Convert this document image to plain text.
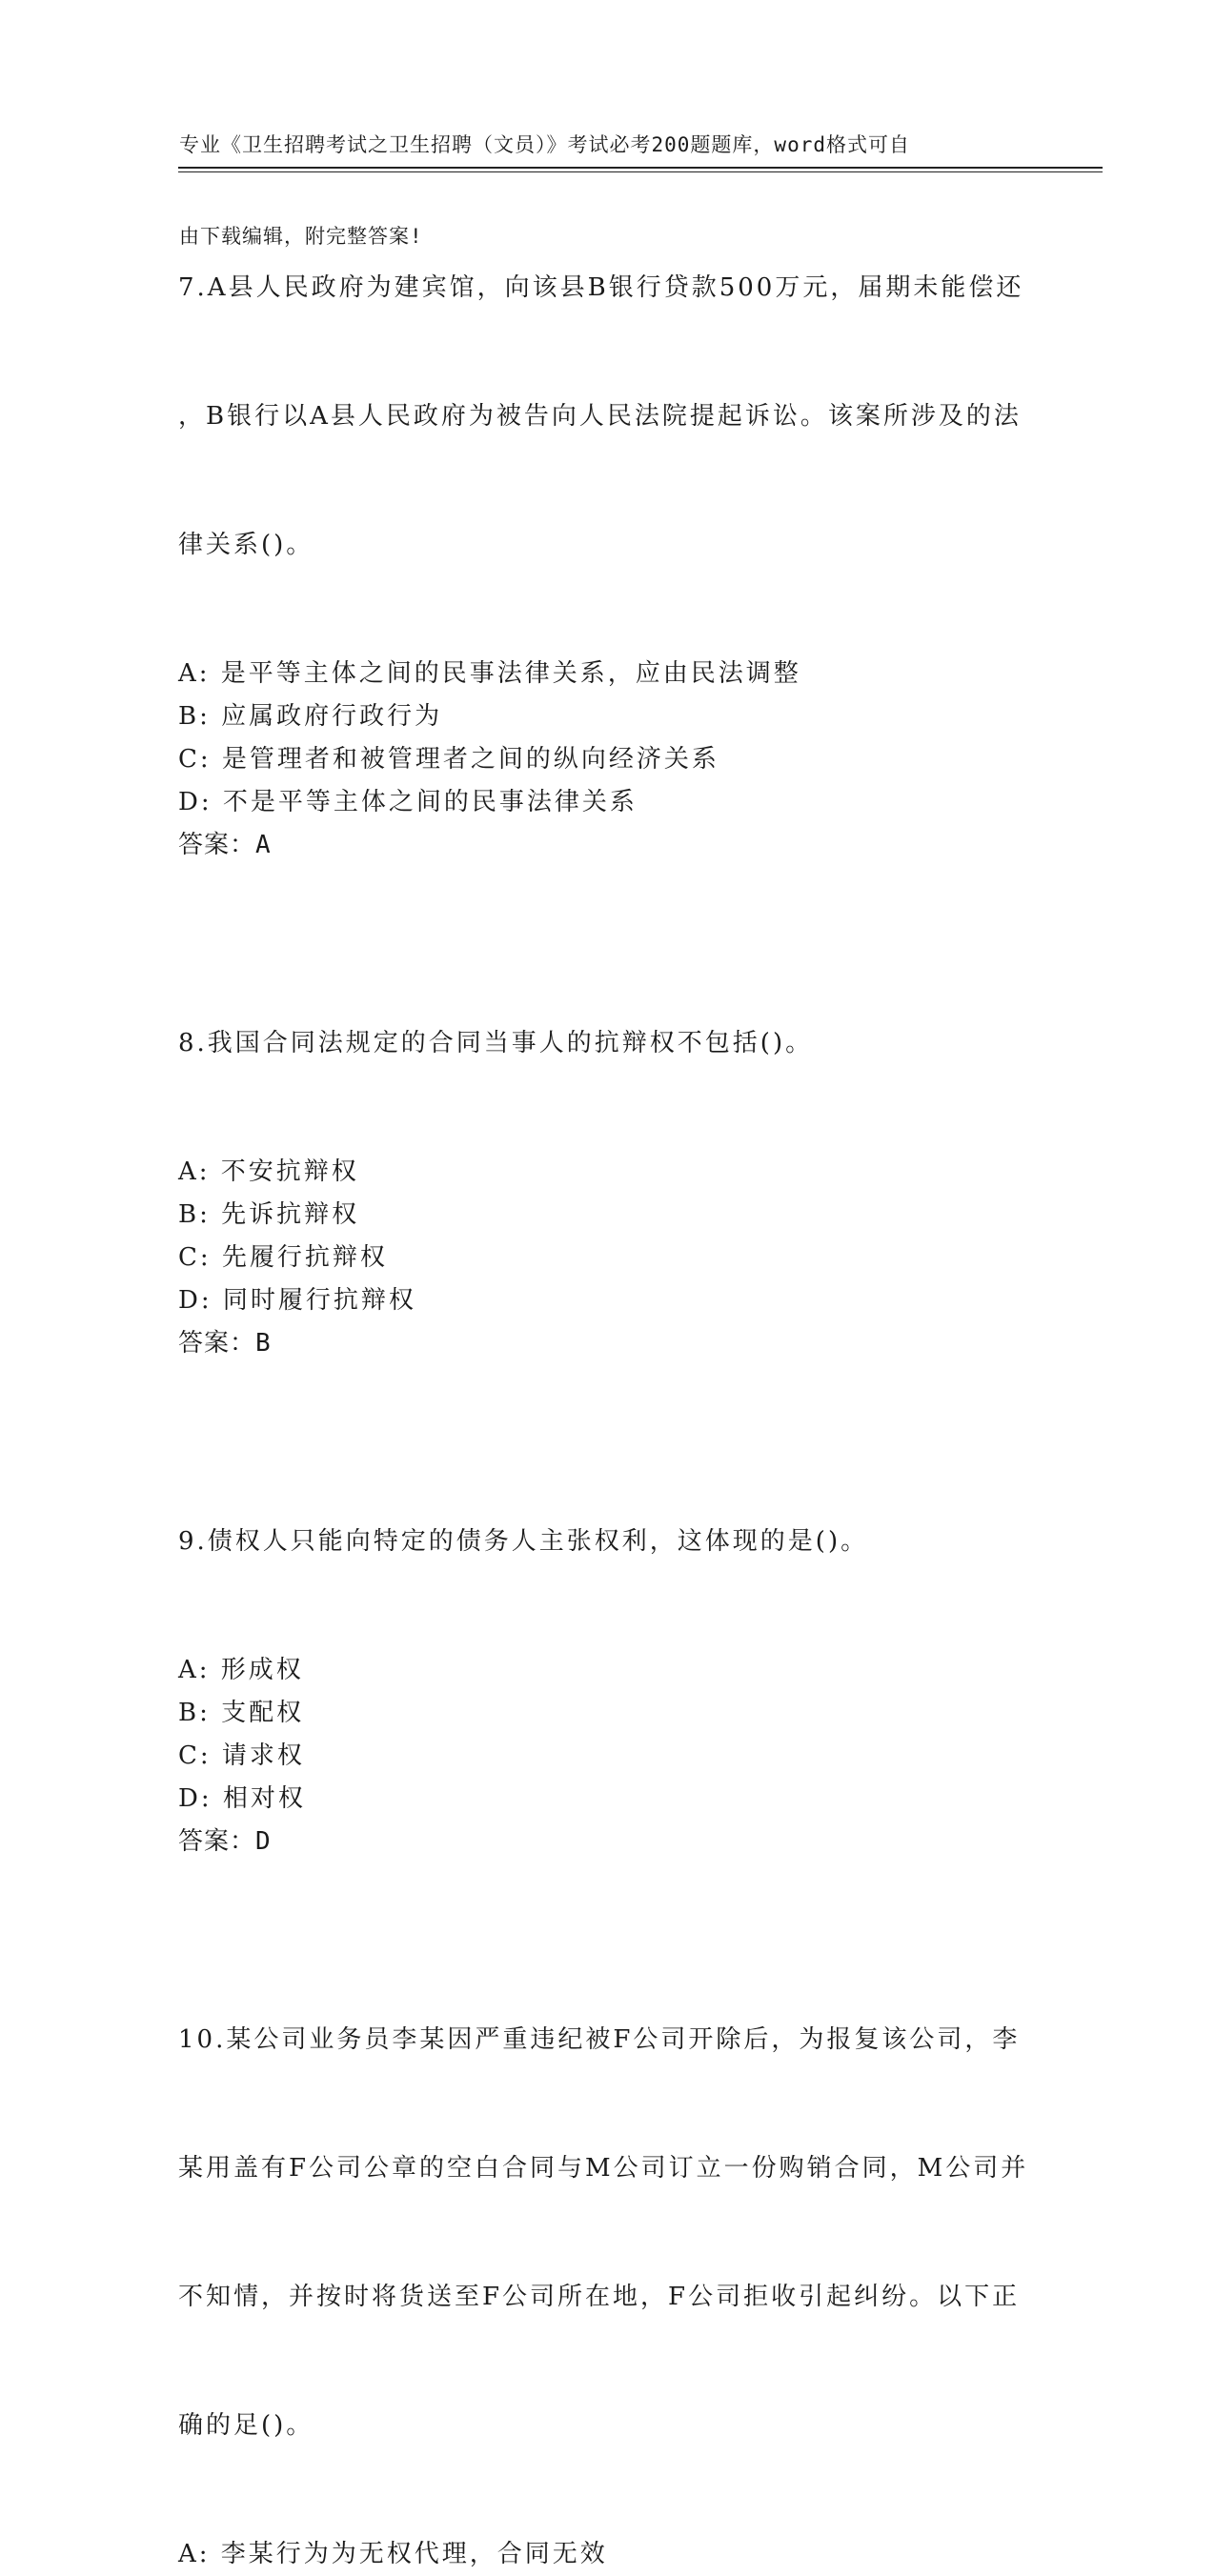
专业《卫生招聘考试之卫生招聘（文员）》考试必考200题题库，word格式可自

由下载编辑，附完整答案!

7.A县人民政府为建宾馆，向该县B银行贷款500万元，届期未能偿还

，B银行以A县人民政府为被告向人民法院提起诉讼。该案所涉及的法

律关系()。

A: 是平等主体之间的民事法律关系，应由民法调整
B: 应属政府行政行为
C: 是管理者和被管理者之间的纵向经济关系
D: 不是平等主体之间的民事法律关系
答案：A

8.我国合同法规定的合同当事人的抗辩权不包括()。

A: 不安抗辩权
B: 先诉抗辩权
C: 先履行抗辩权
D: 同时履行抗辩权
答案：B

9.债权人只能向特定的债务人主张权利，这体现的是()。

A: 形成权
B: 支配权
C: 请求权
D: 相对权
答案：D

10.某公司业务员李某因严重违纪被F公司开除后，为报复该公司，李

某用盖有F公司公章的空白合同与M公司订立一份购销合同，M公司并

不知情，并按时将货送至F公司所在地，F公司拒收引起纠纷。以下正

确的足()。

A: 李某行为为无权代理，合同无效
